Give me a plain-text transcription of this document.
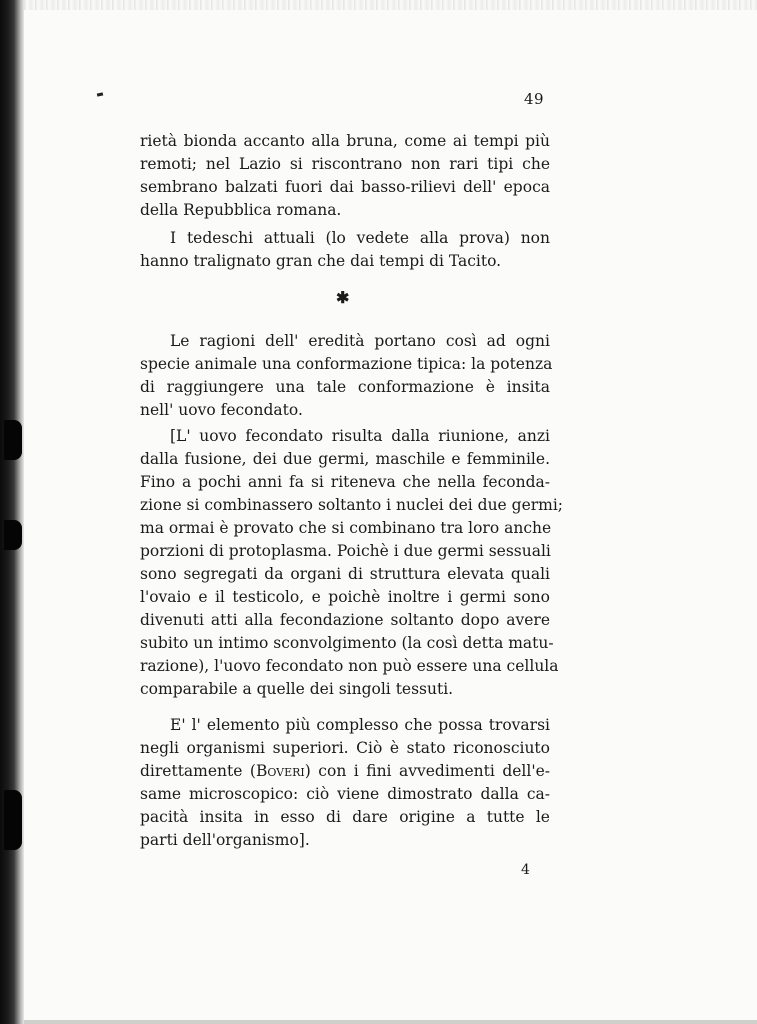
49
rietà bionda accanto alla bruna, come ai tempi più
remoti; nel Lazio si riscontrano non rari tipi che
sembrano balzati fuori dai basso-rilievi dell' epoca
della Repubblica romana.
I tedeschi attuali (lo vedete alla prova) non
hanno tralignato gran che dai tempi di Tacito.
✱
Le ragioni dell' eredità portano così ad ogni
specie animale una conformazione tipica: la potenza
di raggiungere una tale conformazione è insita
nell' uovo fecondato.
[L' uovo fecondato risulta dalla riunione, anzi
dalla fusione, dei due germi, maschile e femminile.
Fino a pochi anni fa si riteneva che nella feconda-
zione si combinassero soltanto i nuclei dei due germi;
ma ormai è provato che si combinano tra loro anche
porzioni di protoplasma. Poichè i due germi sessuali
sono segregati da organi di struttura elevata quali
l'ovaio e il testicolo, e poichè inoltre i germi sono
divenuti atti alla fecondazione soltanto dopo avere
subito un intimo sconvolgimento (la così detta matu-
razione), l'uovo fecondato non può essere una cellula
comparabile a quelle dei singoli tessuti.
E' l' elemento più complesso che possa trovarsi
negli organismi superiori. Ciò è stato riconosciuto
direttamente (Boveri) con i fini avvedimenti dell'e-
same microscopico: ciò viene dimostrato dalla ca-
pacità insita in esso di dare origine a tutte le
parti dell'organismo].
4
